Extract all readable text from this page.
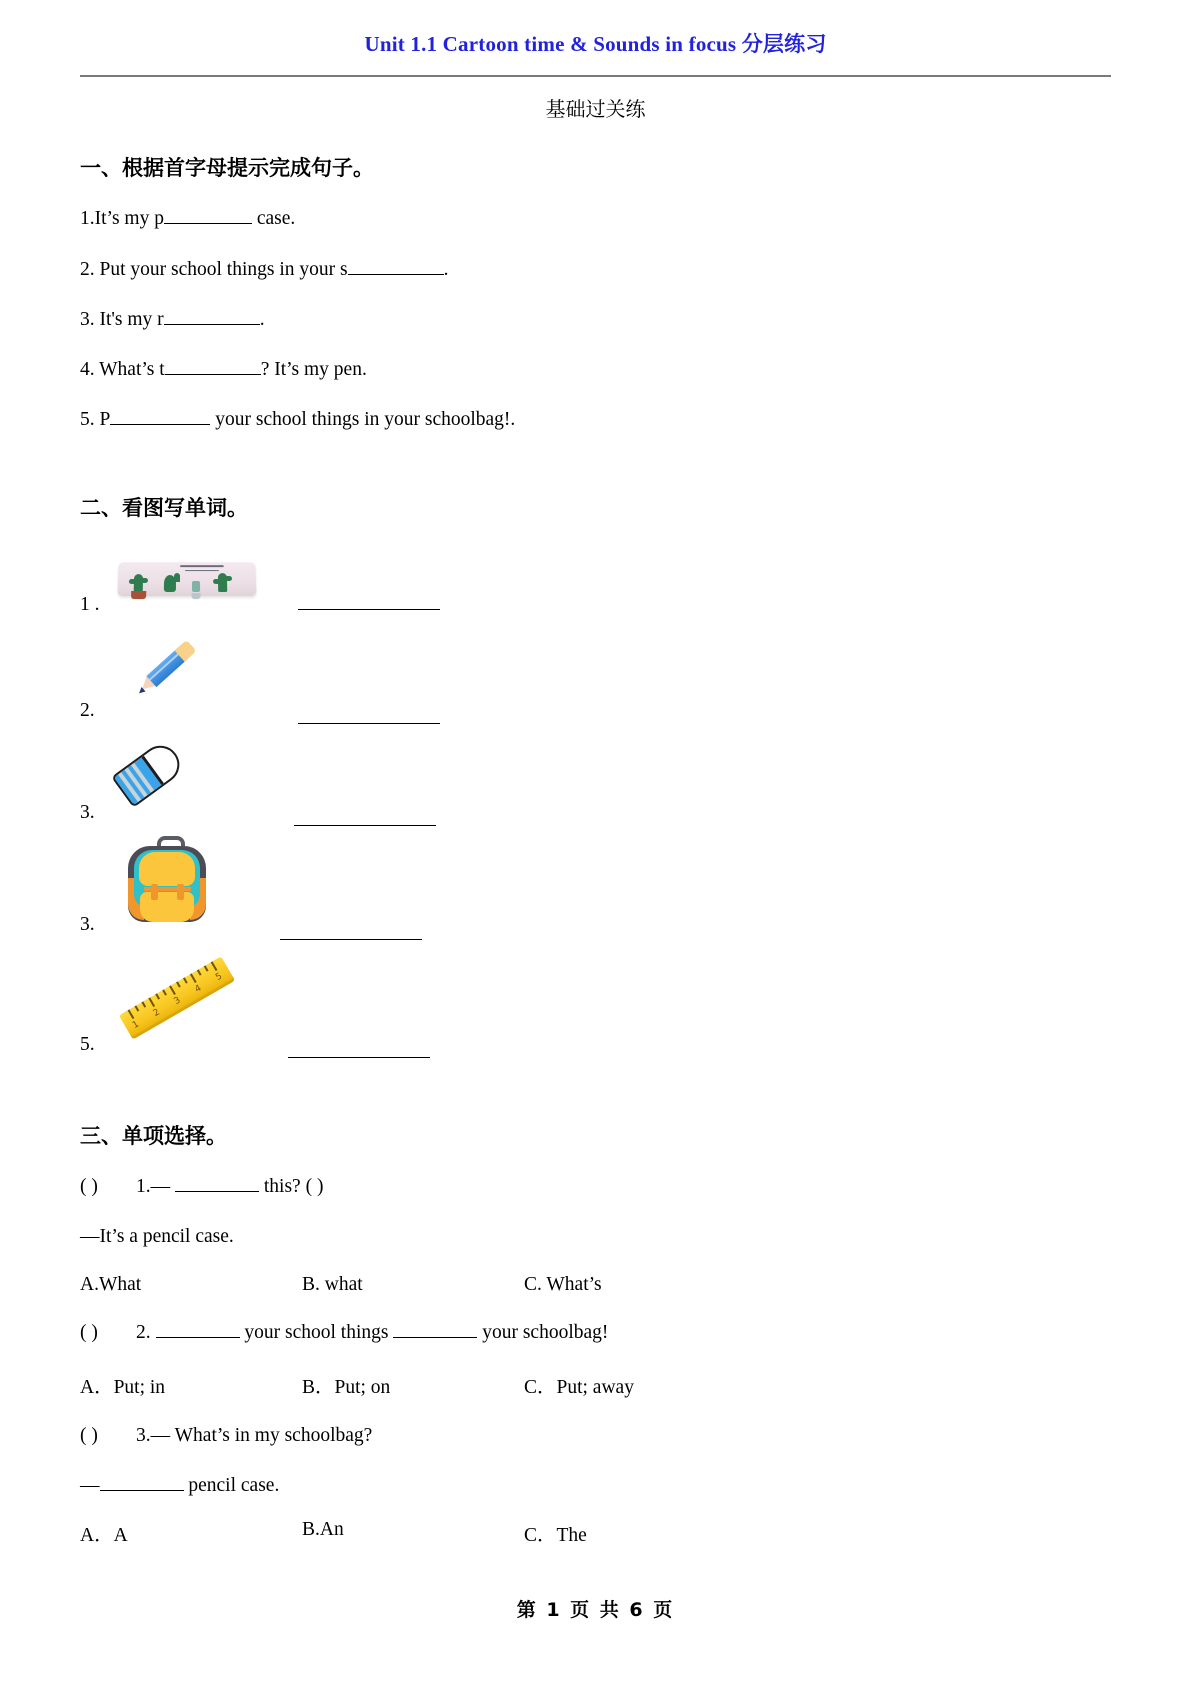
Unit 1.1 Cartoon time & Sounds in focus 分层练习
基础过关练
一、根据首字母提示完成句子。
1.It’s my p	case.
2. Put your school things in your s	.
3. It's my r	.
4. What’s t	? It’s my pen.
5. P	your school things in your schoolbag!.
二、看图写单词。
1 .
2.
3.
3.
5.
1
2
3
4
5
三、单项选择。
( ) 1.—	this? ( )
—It’s a pencil case.
A.What	B. what	C. What’s
( ) 2.	your school things	your schoolbag!
A．Put; in	B．Put; on	C．Put; away
( ) 3.— What’s in my schoolbag?
—	pencil case.
A．A	B.An	C．The
第 1 页 共 6 页
